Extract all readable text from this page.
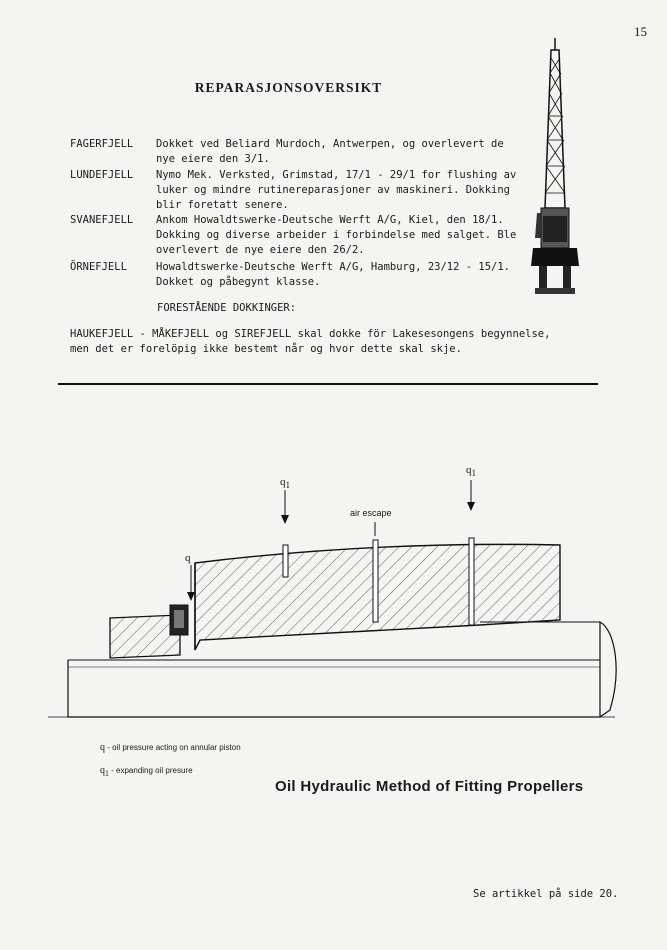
15
REPARASJONSOVERSIKT
FAGERFJELL	Dokket ved Beliard Murdoch, Antwerpen, og overlevert de
nye eiere den 3/1.
LUNDEFJELL	Nymo Mek. Verksted, Grimstad, 17/1 - 29/1 for flushing av
luker og mindre rutinereparasjoner av maskineri. Dokking
blir foretatt senere.
SVANEFJELL	Ankom Howaldtswerke-Deutsche Werft A/G, Kiel, den 18/1.
Dokking og diverse arbeider i forbindelse med salget. Ble
overlevert de nye eiere den 26/2.
ÖRNEFJELL	Howaldtswerke-Deutsche Werft A/G, Hamburg, 23/12 - 15/1.
Dokket og påbegynt klasse.
FORESTÅENDE DOKKINGER:
HAUKEFJELL - MÅKEFJELL og SIREFJELL skal dokke för Lakesesongens begynnelse,
men det er forelöpig ikke bestemt når og hvor dette skal skje.
$q_1$
$q_1$
air escape
q
q - oil pressure acting on annular piston
$q_1$ - expanding oil presure
Oil Hydraulic Method of Fitting Propellers
Se artikkel på side 20.
